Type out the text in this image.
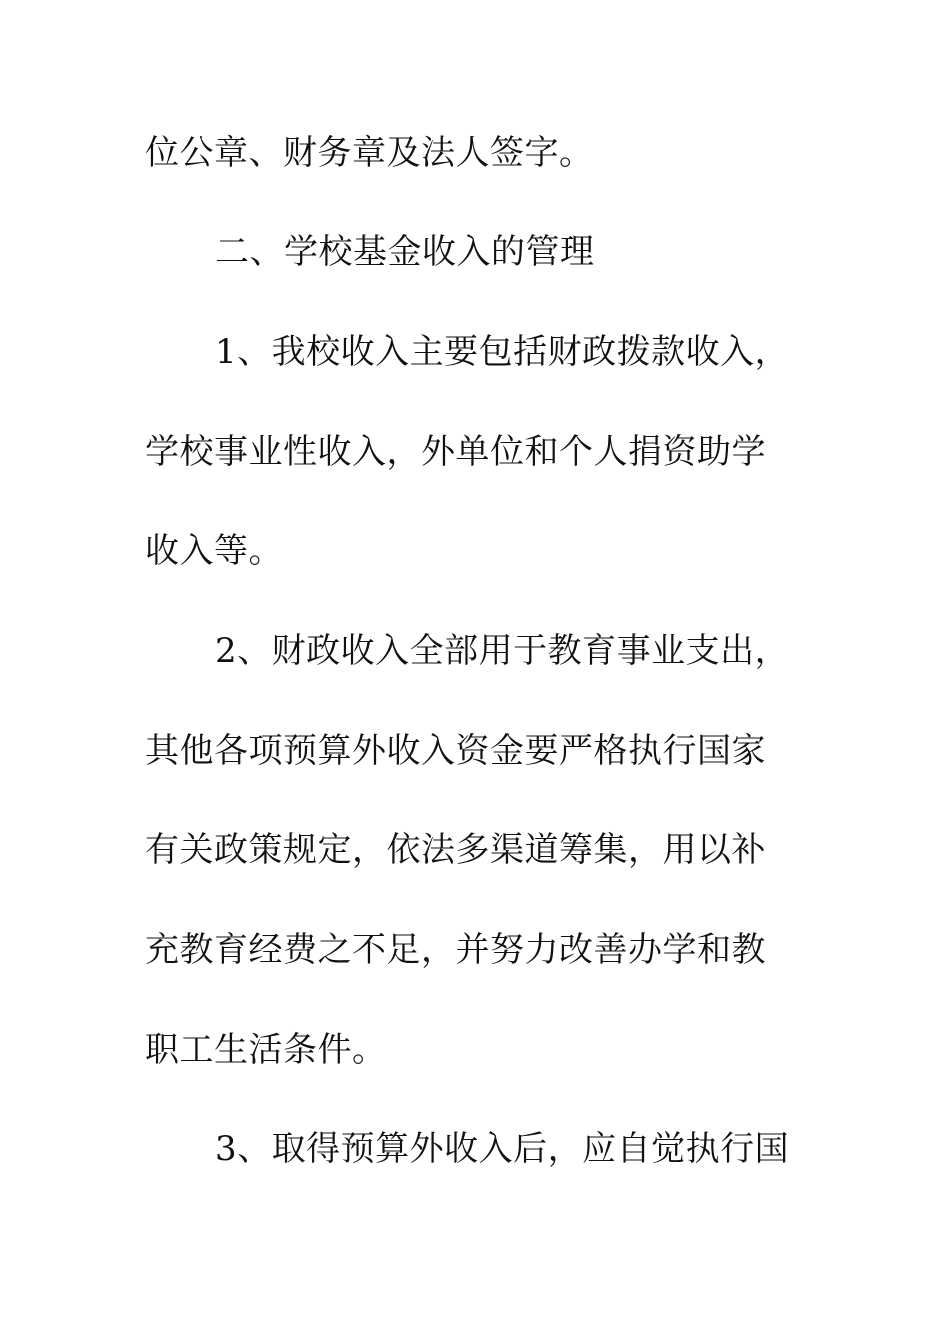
位公章、财务章及法人签字。
二、学校基金收入的管理
1、我校收入主要包括财政拨款收入，
学校事业性收入，外单位和个人捐资助学
收入等。
2、财政收入全部用于教育事业支出，
其他各项预算外收入资金要严格执行国家
有关政策规定，依法多渠道筹集，用以补
充教育经费之不足，并努力改善办学和教
职工生活条件。
3、取得预算外收入后，应自觉执行国
